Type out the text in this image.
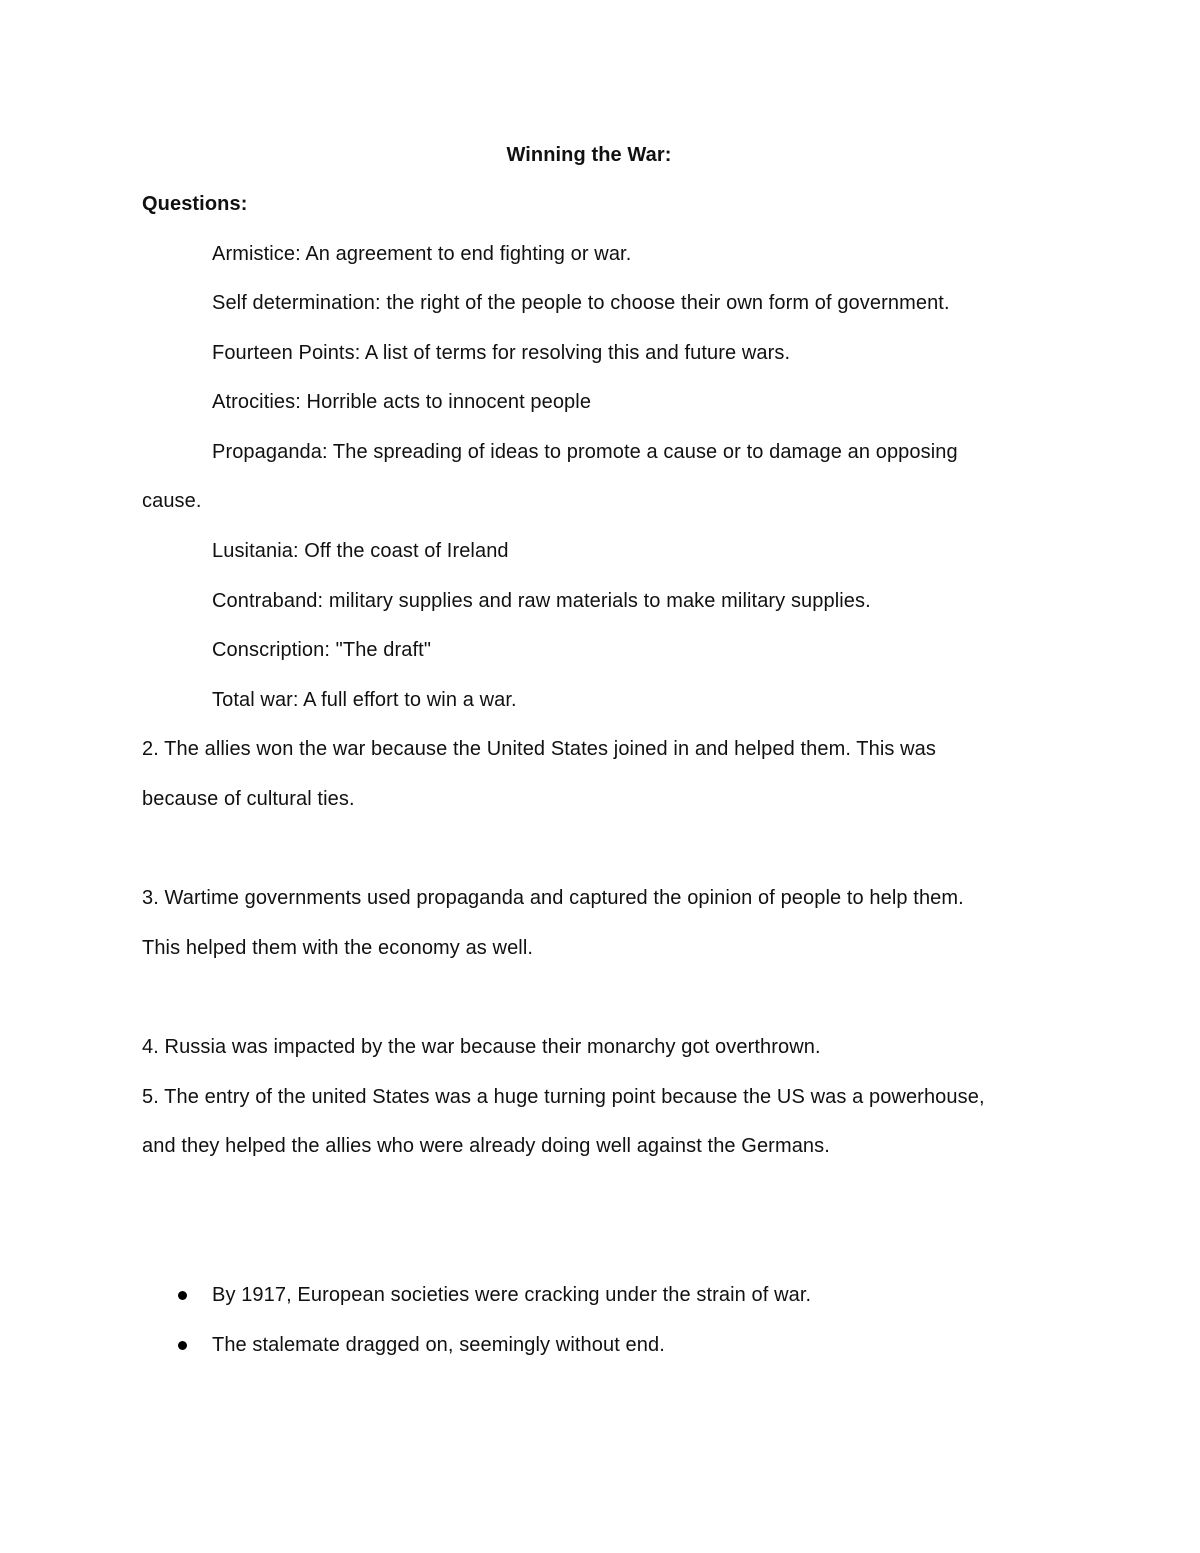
Winning the War:
Questions:
Armistice: An agreement to end fighting or war.
Self determination: the right of the people to choose their own form of government.
Fourteen Points: A list of terms for resolving this and future wars.
Atrocities: Horrible acts to innocent people
Propaganda: The spreading of ideas to promote a cause or to damage an opposing
cause.
Lusitania: Off the coast of Ireland
Contraband: military supplies and raw materials to make military supplies.
Conscription: "The draft"
Total war: A full effort to win a war.
2. The allies won the war because the United States joined in and helped them. This was
because of cultural ties.
3. Wartime governments used propaganda and captured the opinion of people to help them.
This helped them with the economy as well.
4. Russia was impacted by the war because their monarchy got overthrown.
5. The entry of the united States was a huge turning point because the US was a powerhouse,
and they helped the allies who were already doing well against the Germans.
By 1917, European societies were cracking under the strain of war.
The stalemate dragged on, seemingly without end.
